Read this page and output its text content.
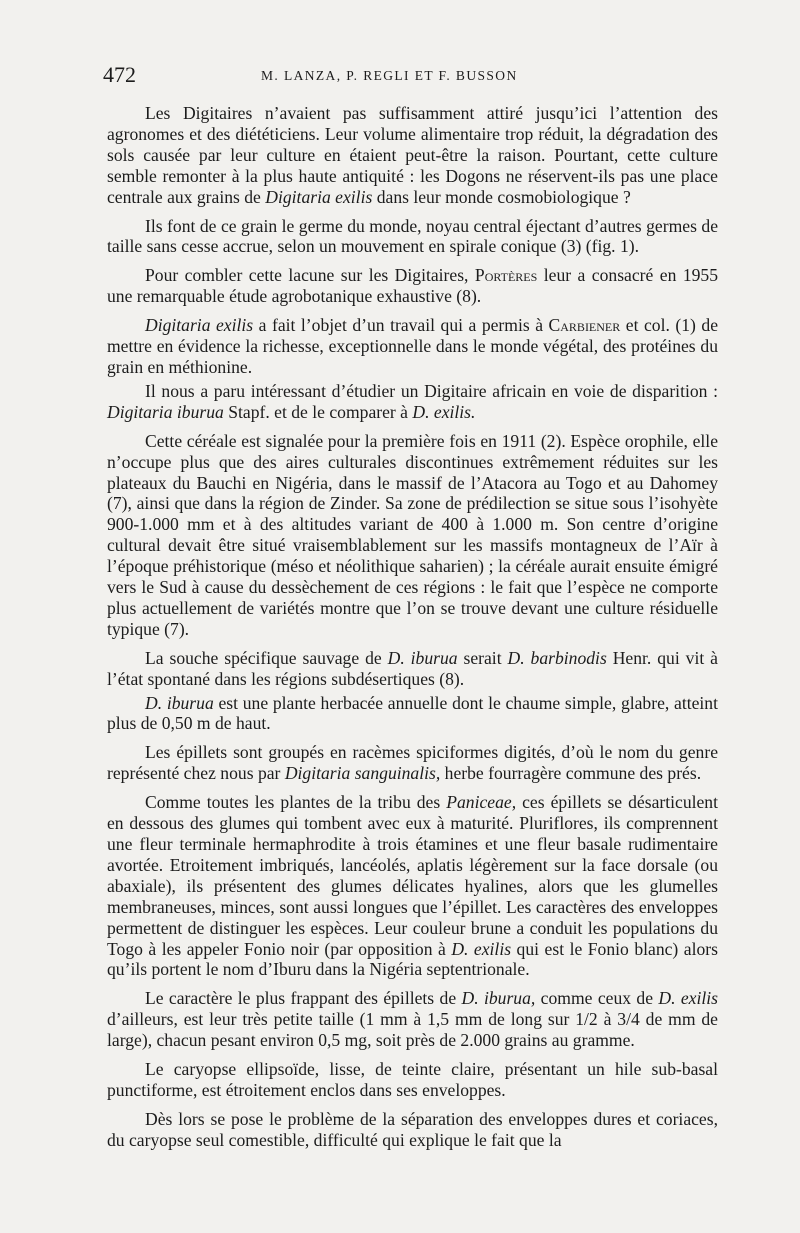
472	M. LANZA, P. REGLI ET F. BUSSON

Les Digitaires n’avaient pas suffisamment attiré jusqu’ici l’attention des agronomes et des diététiciens. Leur volume alimentaire trop réduit, la dégradation des sols causée par leur culture en étaient peut-être la raison. Pourtant, cette culture semble remonter à la plus haute antiquité : les Dogons ne réservent-ils pas une place centrale aux grains de Digitaria exilis dans leur monde cosmobiologique ?

Ils font de ce grain le germe du monde, noyau central éjectant d’autres germes de taille sans cesse accrue, selon un mouvement en spirale conique (3) (fig. 1).

Pour combler cette lacune sur les Digitaires, Portères leur a consacré en 1955 une remarquable étude agrobotanique exhaustive (8).

Digitaria exilis a fait l’objet d’un travail qui a permis à Carbiener et col. (1) de mettre en évidence la richesse, exceptionnelle dans le monde végétal, des protéines du grain en méthionine.

Il nous a paru intéressant d’étudier un Digitaire africain en voie de disparition : Digitaria iburua Stapf. et de le comparer à D. exilis.

Cette céréale est signalée pour la première fois en 1911 (2). Espèce orophile, elle n’occupe plus que des aires culturales discontinues extrêmement réduites sur les plateaux du Bauchi en Nigéria, dans le massif de l’Atacora au Togo et au Dahomey (7), ainsi que dans la région de Zinder. Sa zone de prédilection se situe sous l’isohyète 900-1.000 mm et à des altitudes variant de 400 à 1.000 m. Son centre d’origine cultural devait être situé vraisemblablement sur les massifs montagneux de l’Aïr à l’époque préhistorique (méso et néolithique saharien) ; la céréale aurait ensuite émigré vers le Sud à cause du dessèchement de ces régions : le fait que l’espèce ne comporte plus actuellement de variétés montre que l’on se trouve devant une culture résiduelle typique (7).

La souche spécifique sauvage de D. iburua serait D. barbinodis Henr. qui vit à l’état spontané dans les régions subdésertiques (8).

D. iburua est une plante herbacée annuelle dont le chaume simple, glabre, atteint plus de 0,50 m de haut.

Les épillets sont groupés en racèmes spiciformes digités, d’où le nom du genre représenté chez nous par Digitaria sanguinalis, herbe fourragère commune des prés.

Comme toutes les plantes de la tribu des Paniceae, ces épillets se désarticulent en dessous des glumes qui tombent avec eux à maturité. Pluriflores, ils comprennent une fleur terminale hermaphrodite à trois étamines et une fleur basale rudimentaire avortée. Etroitement imbriqués, lancéolés, aplatis légèrement sur la face dorsale (ou abaxiale), ils présentent des glumes délicates hyalines, alors que les glumelles membraneuses, minces, sont aussi longues que l’épillet. Les caractères des enveloppes permettent de distinguer les espèces. Leur couleur brune a conduit les populations du Togo à les appeler Fonio noir (par opposition à D. exilis qui est le Fonio blanc) alors qu’ils portent le nom d’Iburu dans la Nigéria septentrionale.

Le caractère le plus frappant des épillets de D. iburua, comme ceux de D. exilis d’ailleurs, est leur très petite taille (1 mm à 1,5 mm de long sur 1/2 à 3/4 de mm de large), chacun pesant environ 0,5 mg, soit près de 2.000 grains au gramme.

Le caryopse ellipsoïde, lisse, de teinte claire, présentant un hile sub-basal punctiforme, est étroitement enclos dans ses enveloppes.

Dès lors se pose le problème de la séparation des enveloppes dures et coriaces, du caryopse seul comestible, difficulté qui explique le fait que la
